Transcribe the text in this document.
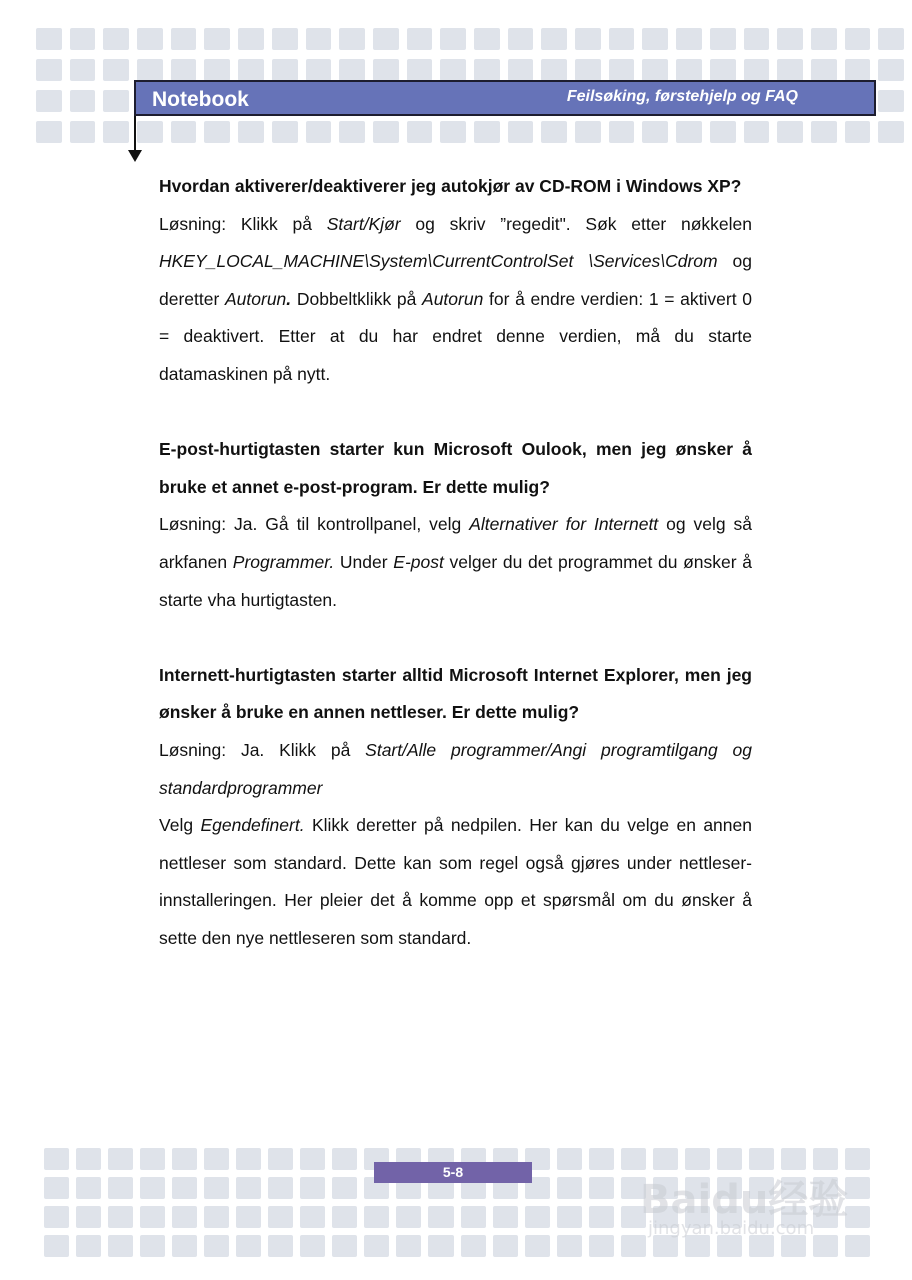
Notebook	Feilsøking, førstehjelp og FAQ

Hvordan aktiverer/deaktiverer jeg autokjør av CD-ROM i Windows XP?

Løsning: Klikk på Start/Kjør og skriv ”regedit". Søk etter nøkkelen HKEY_LOCAL_MACHINE\System\CurrentControlSet \Services\Cdrom og deretter Autorun. Dobbeltklikk på Autorun for å endre verdien: 1 = aktivert 0 = deaktivert. Etter at du har endret denne verdien, må du starte datamaskinen på nytt.

E-post-hurtigtasten starter kun Microsoft Oulook, men jeg ønsker å bruke et annet e-post-program. Er dette mulig?

Løsning: Ja. Gå til kontrollpanel, velg Alternativer for Internett og velg så arkfanen Programmer. Under E-post velger du det programmet du ønsker å starte vha hurtigtasten.

Internett-hurtigtasten starter alltid Microsoft Internet Explorer, men jeg ønsker å bruke en annen nettleser. Er dette mulig?

Løsning: Ja. Klikk på Start/Alle programmer/Angi programtilgang og standardprogrammer

Velg Egendefinert. Klikk deretter på nedpilen. Her kan du velge en annen nettleser som standard. Dette kan som regel også gjøres under nettleser-innstalleringen. Her pleier det å komme opp et spørsmål om du ønsker å sette den nye nettleseren som standard.

5-8
Baidu经验
jingyan.baidu.com
